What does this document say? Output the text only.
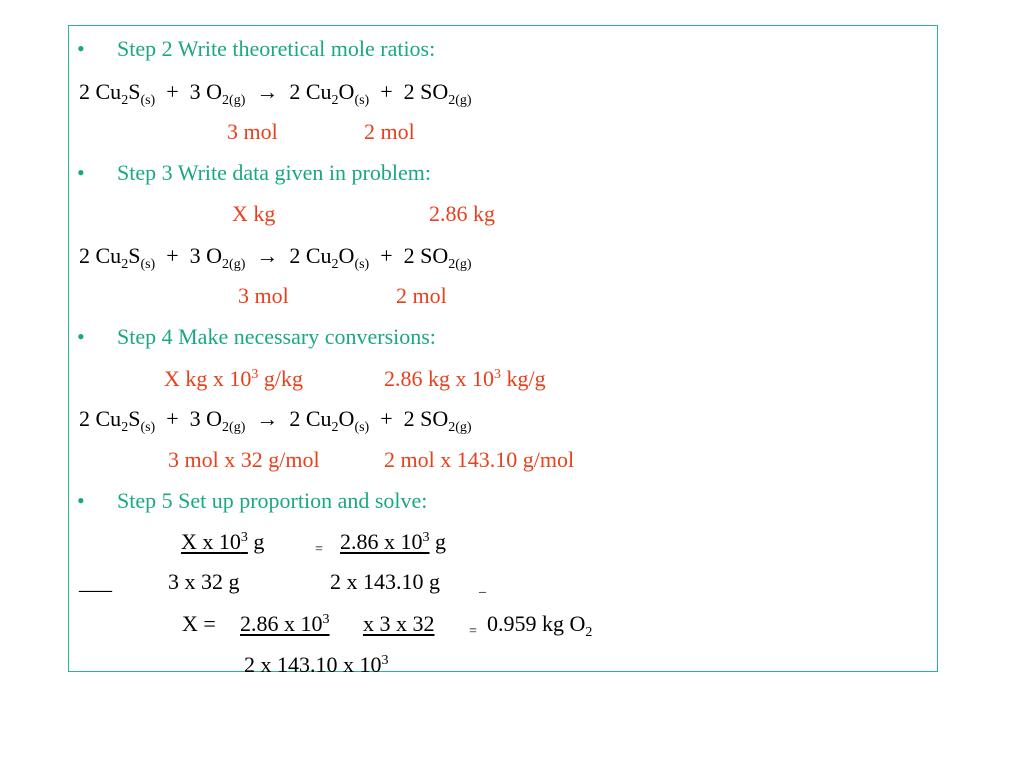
• Step 2 Write theoretical mole ratios:
2 $Cu_2S_{(s)} + 3$ $O_{2(g)} \to 2$ $Cu_2O_{(s)} + 2$ $SO_{2(g)}$
3 mol	2 mol
• Step 3 Write data given in problem:
X kg	2.86 kg
2 $Cu_2S_{(s)} + 3$ $O_{2(g)} \to 2$ $Cu_2O_{(s)} + 2$ $SO_{2(g)}$
3 mol	2 mol
• Step 4 Make necessary conversions:
X kg x $10^3$ g/kg	2.86 kg x $10^3$ kg/g
2 $Cu_2S_{(s)} + 3$ $O_{2(g)} \to 2$ $Cu_2O_{(s)} + 2$ $SO_{2(g)}$
3 mol x 32 g/mol	2 mol x 143.10 g/mol
• Step 5 Set up proportion and solve:
X x $10^3$ g	= 2.86 x $10^3$ g
___	3 x 32 g	2 x 143.10 g	_
X = 2.86 x $10^3$ x 3 x 32 = 0.959 kg $O_2$
2 x 143.10 x $10^3$
